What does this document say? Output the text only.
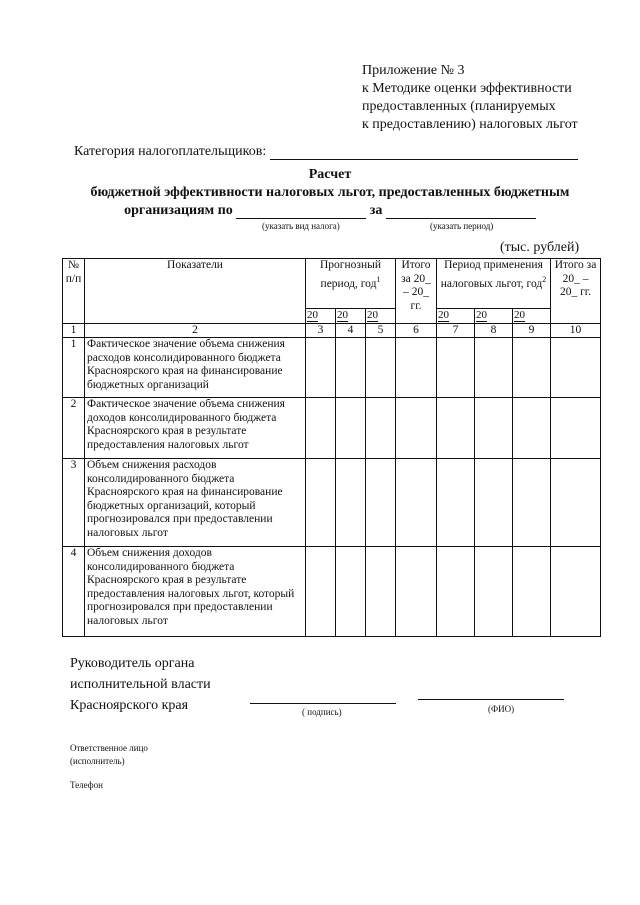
Приложение № 3
к Методике оценки эффективности
предоставленных (планируемых
к предоставлению) налоговых льгот
Категория налогоплательщиков:
Расчет
бюджетной эффективности налоговых льгот, предоставленных бюджетным
организациям по	за
(указать вид налога)	(указать период)
(тыс. рублей)
№ п/п	Показатели	Прогнозный период, год$^1$			Итого за 20_ – 20_ гг.	Период применения налоговых льгот, год$^2$			Итого за 20_ – 20_ гг.
		20	20	20		20	20	20	
1	2	3	4	5	6	7	8	9	10
1	Фактическое значение объема снижения расходов консолидированного бюджета Красноярского края на финансирование бюджетных организаций								
2	Фактическое значение объема снижения доходов консолидированного бюджета Красноярского края в результате предоставления налоговых льгот								
3	Объем снижения расходов консолидированного бюджета Красноярского края на финансирование бюджетных организаций, который прогнозировался при предоставлении налоговых льгот								
4	Объем снижения доходов консолидированного бюджета Красноярского края в результате предоставления налоговых льгот, который прогнозировался при предоставлении налоговых льгот								
Руководитель органа
исполнительной власти
Красноярского края	( подпись)	(ФИО)
Ответственное лицо
(исполнитель)
Телефон
